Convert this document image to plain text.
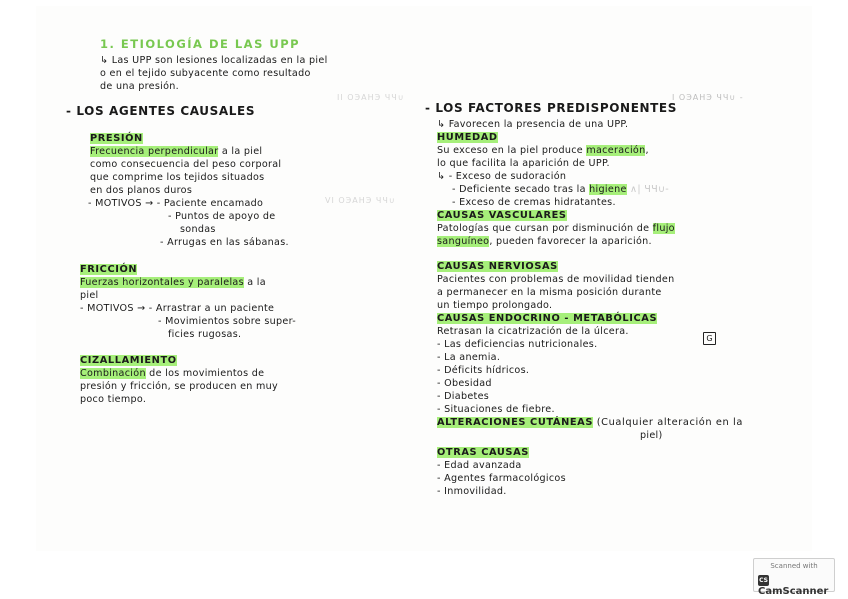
II ОЭАНЭ ЧЧ∪
VI ОЭАНЭ ЧЧ∪
1. ETIOLOGÍA DE LAS UPP
↳ Las UPP son lesiones localizadas en la piel
o en el tejido subyacente como resultado
de una presión.
- LOS AGENTES CAUSALES
PRESIÓN
Frecuencia perpendicular a la piel
como consecuencia del peso corporal
que comprime los tejidos situados
en dos planos duros
- MOTIVOS → - Paciente encamado
- Puntos de apoyo de
sondas
- Arrugas en las sábanas.
FRICCIÓN
Fuerzas horizontales y paralelas a la
piel
- MOTIVOS → - Arrastrar a un paciente
- Movimientos sobre super-
ficies rugosas.
CIZALLAMIENTO
Combinación de los movimientos de
presión y fricción, se producen en muy
poco tiempo.
I ОЭАНЭ ЧЧ∪ -
- LOS FACTORES PREDISPONENTES
↳ Favorecen la presencia de una UPP.
HUMEDAD
Su exceso en la piel produce maceración,
lo que facilita la aparición de UPP.
↳ - Exceso de sudoración
- Deficiente secado tras la higiene ∧| ЧЧ∪-
- Exceso de cremas hidratantes.
CAUSAS VASCULARES
Patologías que cursan por disminución de flujo
sanguíneo, pueden favorecer la aparición.
CAUSAS NERVIOSAS
Pacientes con problemas de movilidad tienden
a permanecer en la misma posición durante
un tiempo prolongado.
CAUSAS ENDOCRINO - METABÓLICAS
Retrasan la cicatrización de la úlcera.
G
- Las deficiencias nutricionales.
- La anemia.
- Déficits hídricos.
- Obesidad
- Diabetes
- Situaciones de fiebre.
ALTERACIONES CUTÁNEAS (Cualquier alteración en la
piel)
OTRAS CAUSAS
- Edad avanzada
- Agentes farmacológicos
- Inmovilidad.
Scanned with
CSCamScanner
